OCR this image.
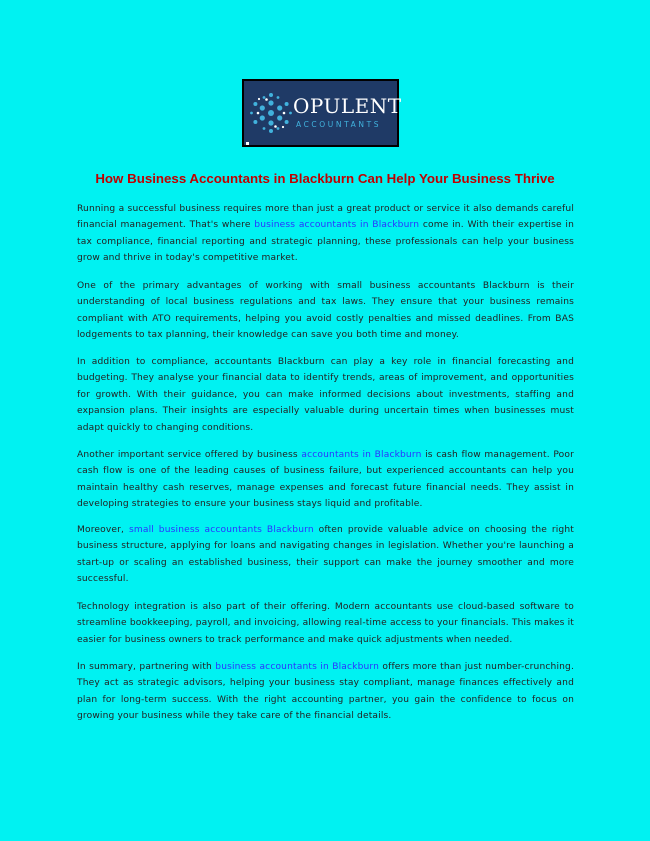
OPULENT
ACCOUNTANTS
How Business Accountants in Blackburn Can Help Your Business Thrive

Running a successful business requires more than just a great product or service it also demands careful financial management. That's where business accountants in Blackburn come in. With their expertise in tax compliance, financial reporting and strategic planning, these professionals can help your business grow and thrive in today's competitive market.

One of the primary advantages of working with small business accountants Blackburn is their understanding of local business regulations and tax laws. They ensure that your business remains compliant with ATO requirements, helping you avoid costly penalties and missed deadlines. From BAS lodgements to tax planning, their knowledge can save you both time and money.

In addition to compliance, accountants Blackburn can play a key role in financial forecasting and budgeting. They analyse your financial data to identify trends, areas of improvement, and opportunities for growth. With their guidance, you can make informed decisions about investments, staffing and expansion plans. Their insights are especially valuable during uncertain times when businesses must adapt quickly to changing conditions.

Another important service offered by business accountants in Blackburn is cash flow management. Poor cash flow is one of the leading causes of business failure, but experienced accountants can help you maintain healthy cash reserves, manage expenses and forecast future financial needs. They assist in developing strategies to ensure your business stays liquid and profitable.

Moreover, small business accountants Blackburn often provide valuable advice on choosing the right business structure, applying for loans and navigating changes in legislation. Whether you're launching a start-up or scaling an established business, their support can make the journey smoother and more successful.

Technology integration is also part of their offering. Modern accountants use cloud-based software to streamline bookkeeping, payroll, and invoicing, allowing real-time access to your financials. This makes it easier for business owners to track performance and make quick adjustments when needed.

In summary, partnering with business accountants in Blackburn offers more than just number-crunching. They act as strategic advisors, helping your business stay compliant, manage finances effectively and plan for long-term success. With the right accounting partner, you gain the confidence to focus on growing your business while they take care of the financial details.
